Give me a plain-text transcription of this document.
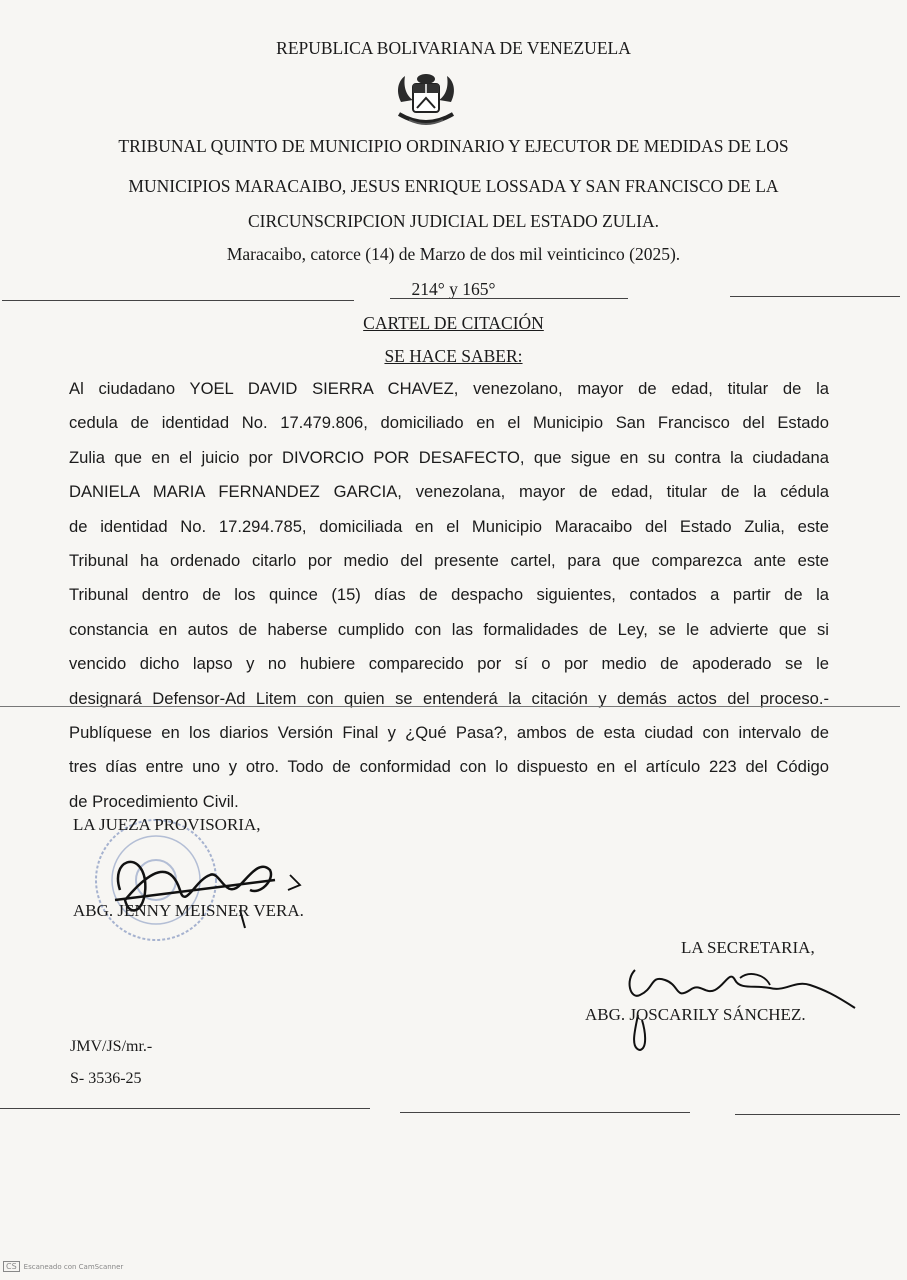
REPUBLICA BOLIVARIANA DE VENEZUELA
TRIBUNAL QUINTO DE MUNICIPIO ORDINARIO Y EJECUTOR DE MEDIDAS DE LOS
MUNICIPIOS MARACAIBO, JESUS ENRIQUE LOSSADA Y SAN FRANCISCO DE LA
CIRCUNSCRIPCION JUDICIAL DEL ESTADO ZULIA.
Maracaibo, catorce (14) de Marzo de dos mil veinticinco (2025).
214° y 165°
CARTEL DE CITACIÓN
SE HACE SABER:
Al ciudadano YOEL DAVID SIERRA CHAVEZ, venezolano, mayor de edad, titular de la
cedula de identidad No. 17.479.806, domiciliado en el Municipio San Francisco del Estado
Zulia que en el juicio por DIVORCIO POR DESAFECTO, que sigue en su contra la ciudadana
DANIELA MARIA FERNANDEZ GARCIA, venezolana, mayor de edad, titular de la cédula
de identidad No. 17.294.785, domiciliada en el Municipio Maracaibo del Estado Zulia, este
Tribunal ha ordenado citarlo por medio del presente cartel, para que comparezca ante este
Tribunal dentro de los quince (15) días de despacho siguientes, contados a partir de la
constancia en autos de haberse cumplido con las formalidades de Ley, se le advierte que si
vencido dicho lapso y no hubiere comparecido por sí o por medio de apoderado se le
designará Defensor-Ad Litem con quien se entenderá la citación y demás actos del proceso.-
Publíquese en los diarios Versión Final y ¿Qué Pasa?, ambos de esta ciudad con intervalo de
tres días entre uno y otro. Todo de conformidad con lo dispuesto en el artículo 223 del Código
de Procedimiento Civil.
LA JUEZA PROVISORIA,
ABG. JENNY MEISNER VERA.
LA SECRETARIA,
ABG. JOSCARILY SÁNCHEZ.
JMV/JS/mr.-
S- 3536-25
CS Escaneado con CamScanner
